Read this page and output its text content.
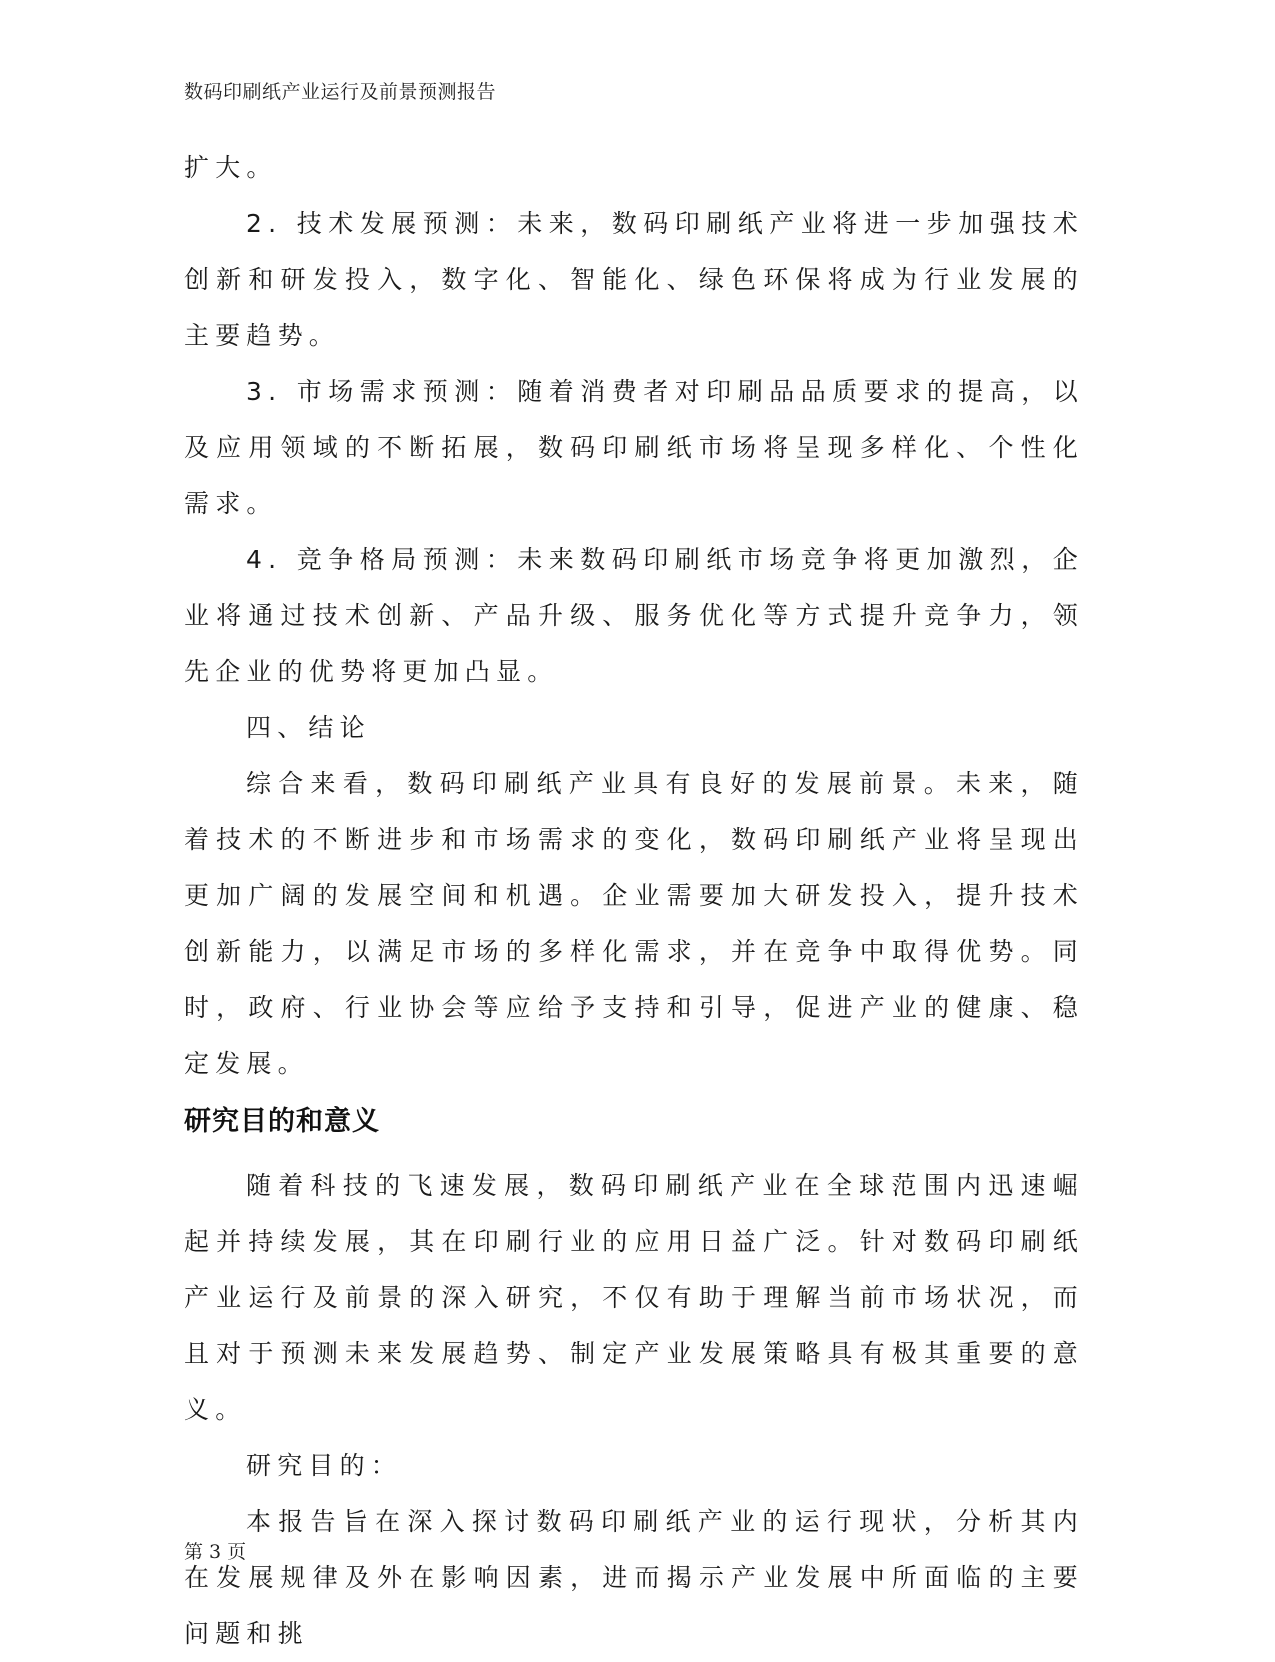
数码印刷纸产业运行及前景预测报告

扩大。

2. 技术发展预测：未来，数码印刷纸产业将进一步加强技术创新和研发投入，数字化、智能化、绿色环保将成为行业发展的主要趋势。

3. 市场需求预测：随着消费者对印刷品品质要求的提高，以及应用领域的不断拓展，数码印刷纸市场将呈现多样化、个性化需求。

4. 竞争格局预测：未来数码印刷纸市场竞争将更加激烈，企业将通过技术创新、产品升级、服务优化等方式提升竞争力，领先企业的优势将更加凸显。

四、结论

综合来看，数码印刷纸产业具有良好的发展前景。未来，随着技术的不断进步和市场需求的变化，数码印刷纸产业将呈现出更加广阔的发展空间和机遇。企业需要加大研发投入，提升技术创新能力，以满足市场的多样化需求，并在竞争中取得优势。同时，政府、行业协会等应给予支持和引导，促进产业的健康、稳定发展。

研究目的和意义

随着科技的飞速发展，数码印刷纸产业在全球范围内迅速崛起并持续发展，其在印刷行业的应用日益广泛。针对数码印刷纸产业运行及前景的深入研究，不仅有助于理解当前市场状况，而且对于预测未来发展趋势、制定产业发展策略具有极其重要的意义。

研究目的：

本报告旨在深入探讨数码印刷纸产业的运行现状，分析其内在发展规律及外在影响因素，进而揭示产业发展中所面临的主要问题和挑

第 3 页
